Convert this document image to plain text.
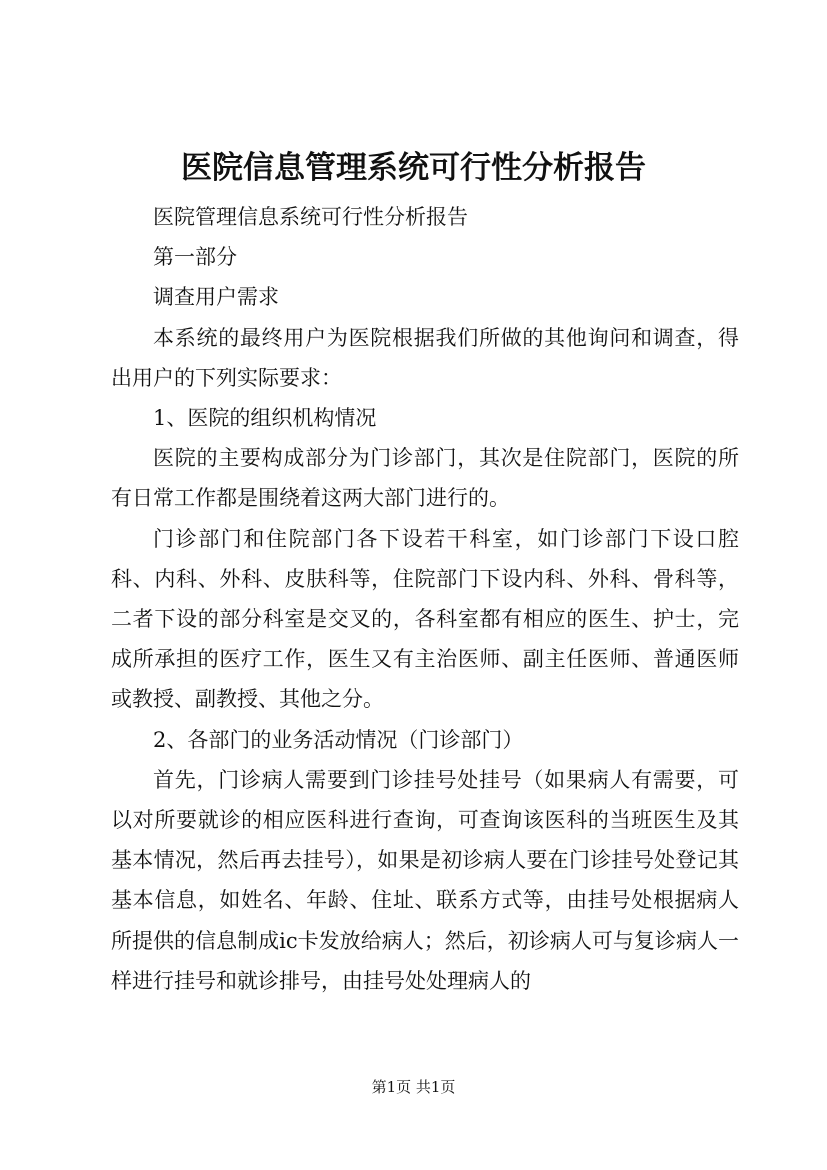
医院信息管理系统可行性分析报告

医院管理信息系统可行性分析报告

第一部分

调查用户需求

本系统的最终用户为医院根据我们所做的其他询问和调查，得出用户的下列实际要求：

1、医院的组织机构情况

医院的主要构成部分为门诊部门，其次是住院部门，医院的所有日常工作都是围绕着这两大部门进行的。

门诊部门和住院部门各下设若干科室，如门诊部门下设口腔科、内科、外科、皮肤科等，住院部门下设内科、外科、骨科等，二者下设的部分科室是交叉的，各科室都有相应的医生、护士，完成所承担的医疗工作，医生又有主治医师、副主任医师、普通医师或教授、副教授、其他之分。

2、各部门的业务活动情况（门诊部门）

首先，门诊病人需要到门诊挂号处挂号（如果病人有需要，可以对所要就诊的相应医科进行查询，可查询该医科的当班医生及其基本情况，然后再去挂号），如果是初诊病人要在门诊挂号处登记其基本信息，如姓名、年龄、住址、联系方式等，由挂号处根据病人所提供的信息制成ic卡发放给病人；然后，初诊病人可与复诊病人一样进行挂号和就诊排号，由挂号处处理病人的

第1页 共1页
